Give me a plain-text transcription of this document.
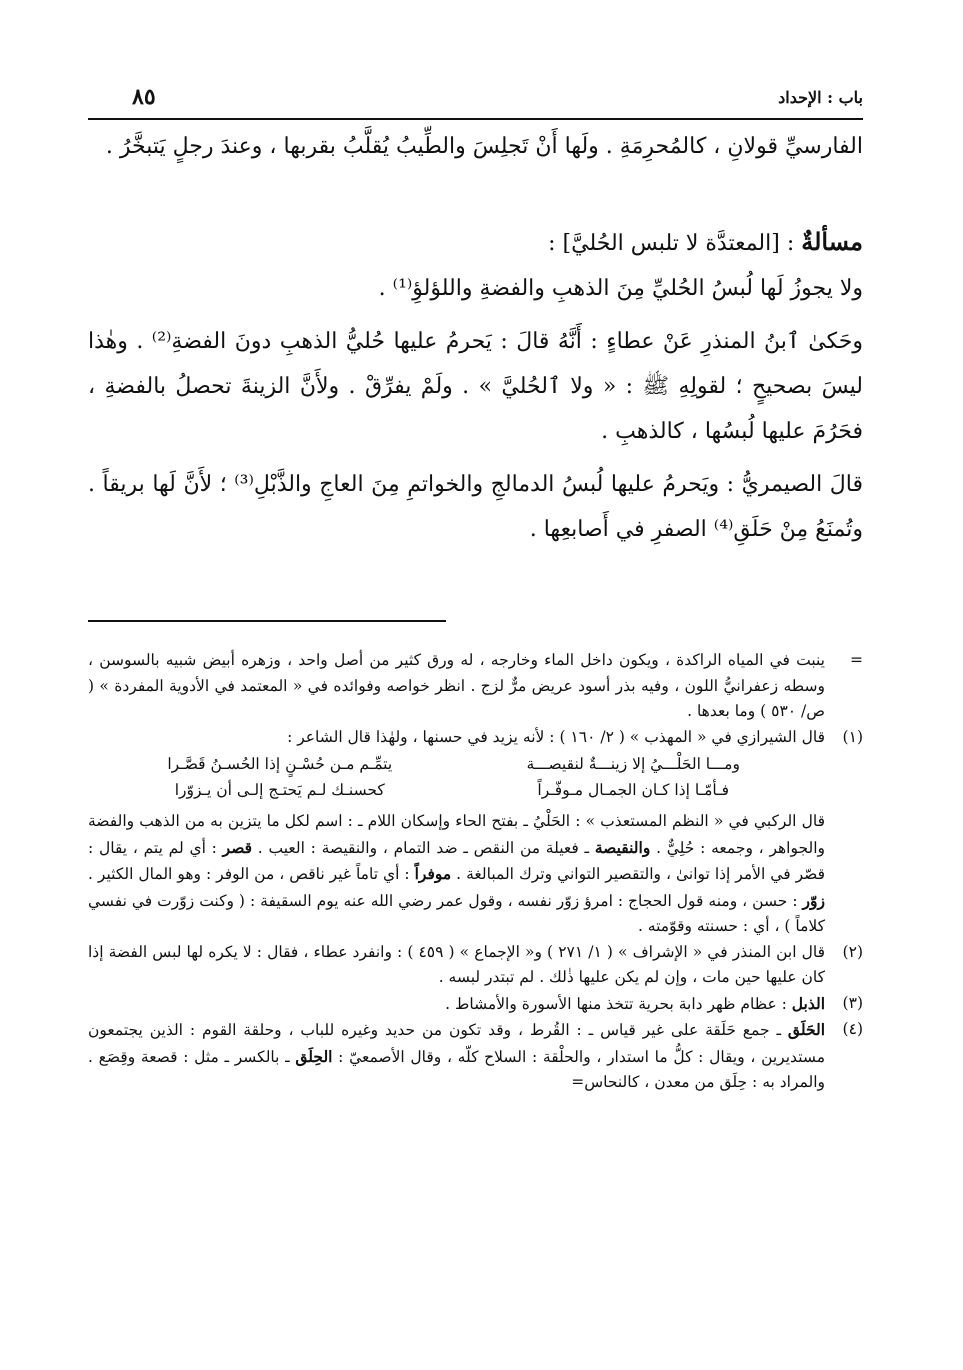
باب : الإحداد
٨٥

الفارسيِّ قولانِ ، كالمُحرِمَةِ . ولَها أَنْ تَجلِسَ والطِّيبُ يُقلَّبُ بقربها ، وعندَ رجلٍ يَتبخَّرُ .

مسألةٌ : [المعتدَّة لا تلبس الحُليَّ] :

ولا يجوزُ لَها لُبسُ الحُليِّ مِنَ الذهبِ والفضةِ واللؤلؤِ⁽¹⁾ .

وحَكىٰ ٱبنُ المنذرِ عَنْ عطاءٍ : أَنَّهُ قالَ : يَحرمُ عليها حُليُّ الذهبِ دونَ الفضةِ⁽²⁾ . وهٰذا ليسَ بصحيحٍ ؛ لقولِهِ ﷺ : « ولا ٱلحُليَّ » . ولَمْ يفرِّقْ . ولأَنَّ الزينةَ تحصلُ بالفضةِ ، فحَرُمَ عليها لُبسُها ، كالذهبِ .

قالَ الصيمريُّ : ويَحرمُ عليها لُبسُ الدمالجِ والخواتمِ مِنَ العاجِ والذَّبْلِ⁽³⁾ ؛ لأَنَّ لَها بريقاً . وتُمنَعُ مِنْ حَلَقِ⁽⁴⁾ الصفرِ في أَصابعِها .

=

ينبت في المياه الراكدة ، ويكون داخل الماء وخارجه ، له ورق كثير من أصل واحد ، وزهره أبيض شبيه بالسوسن ، وسطه زعفرانيُّ اللون ، وفيه بذر أسود عريض مرٌّ لزج . انظر خواصه وفوائده في « المعتمد في الأدوية المفردة » ( ص/ ٥٣٠ ) وما بعدها .

(١)

قال الشيرازي في « المهذب » ( ٢/ ١٦٠ ) : لأنه يزيد في حسنها ، ولهٰذا قال الشاعر :

ومـــا الحَلْـــيُ إلا زينـــةٌ لنقيصـــة
يتمِّـم مـن حُسْـنٍ إذا الحُسـنُ قَصَّـرا
فـأمّـا إذا كـان الجمـال مـوفّـراً
كحسنـك لـم يَحتـج إلـى أن يـزوّرا

قال الركبي في « النظم المستعذب » : الحَلْيُ ـ بفتح الحاء وإسكان اللام ـ : اسم لكل ما يتزين به من الذهب والفضة والجواهر ، وجمعه : حُلِيٌّ . والنقيصة ـ فعيلة من النقص ـ ضد التمام ، والنقيصة : العيب . قصر : أي لم يتم ، يقال : قصّر في الأمر إذا توانىٰ ، والتقصير التواني وترك المبالغة . موفراً : أي تاماً غير ناقص ، من الوفر : وهو المال الكثير . زوّر : حسن ، ومنه قول الحجاج : امرؤ زوّر نفسه ، وقول عمر رضي الله عنه يوم السقيفة : ( وكنت زوّرت في نفسي كلاماً ) ، أي : حسنته وقوّمته .

(٢)

قال ابن المنذر في « الإشراف » ( ١/ ٢٧١ ) و« الإجماع » ( ٤٥٩ ) : وانفرد عطاء ، فقال : لا يكره لها لبس الفضة إذا كان عليها حين مات ، وإن لم يكن عليها ذٰلك . لم تبتدر لبسه .

(٣)

الذبل : عظام ظهر دابة بحرية تتخذ منها الأسورة والأمشاط .

(٤)

الحَلَق ـ جمع حَلَقة على غير قياس ـ : القُرط ، وقد تكون من حديد وغيره للباب ، وحلقة القوم : الذين يجتمعون مستديرين ، ويقال : كلُّ ما استدار ، والحلْقة : السلاح كلّه ، وقال الأصمعيّ : الحِلَق ـ بالكسر ـ مثل : قصعة وقِصَع . والمراد به : حِلَق من معدن ، كالنحاس=
